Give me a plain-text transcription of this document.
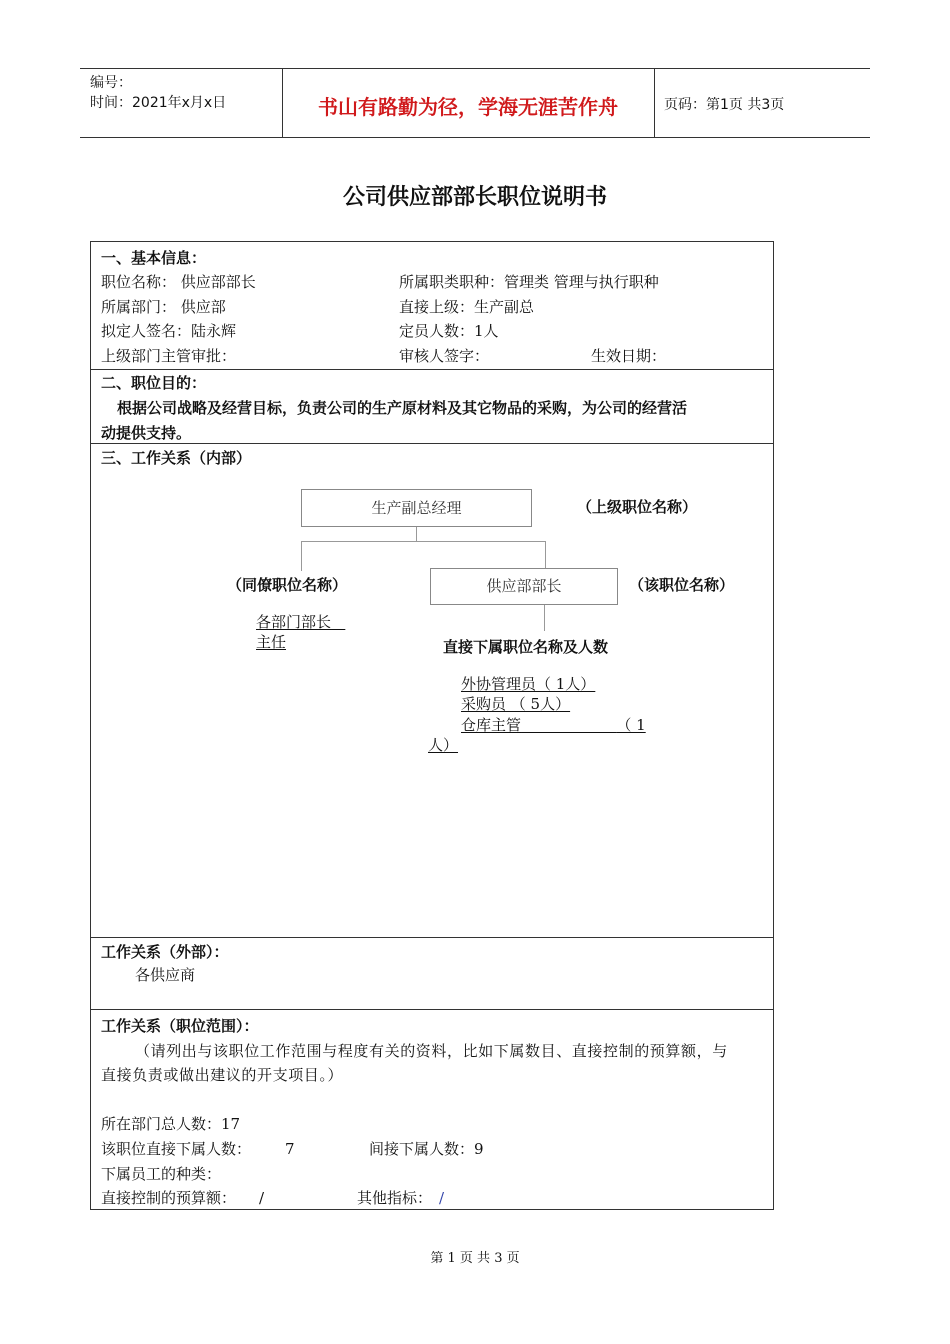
编号：
时间：2021年x月x日	书山有路勤为径，学海无涯苦作舟	页码：第1页 共3页
公司供应部部长职位说明书
一、基本信息：
职位名称： 供应部部长	所属职类职种：管理类 管理与执行职种
所属部门： 供应部	直接上级：生产副总
拟定人签名：陆永辉	定员人数：1人
上级部门主管审批：	审核人签字：	生效日期：
二、职位目的：
根据公司战略及经营目标，负责公司的生产原材料及其它物品的采购，为公司的经营活
动提供支持。
三、工作关系（内部）
生产副总经理	（上级职位名称）
（同僚职位名称）	供应部部长	（该职位名称）
各部门部长
主任	直接下属职位名称及人数
外协管理员（ 1人）
采购员 （ 5人）
仓库主管	（ 1
人）
工作关系（外部）：
各供应商
工作关系（职位范围）：
（请列出与该职位工作范围与程度有关的资料，比如下属数目、直接控制的预算额，与
直接负责或做出建议的开支项目。）
所在部门总人数：17
该职位直接下属人数： 7	间接下属人数：9
下属员工的种类：
直接控制的预算额： /	其他指标： /
第 1 页 共 3 页
